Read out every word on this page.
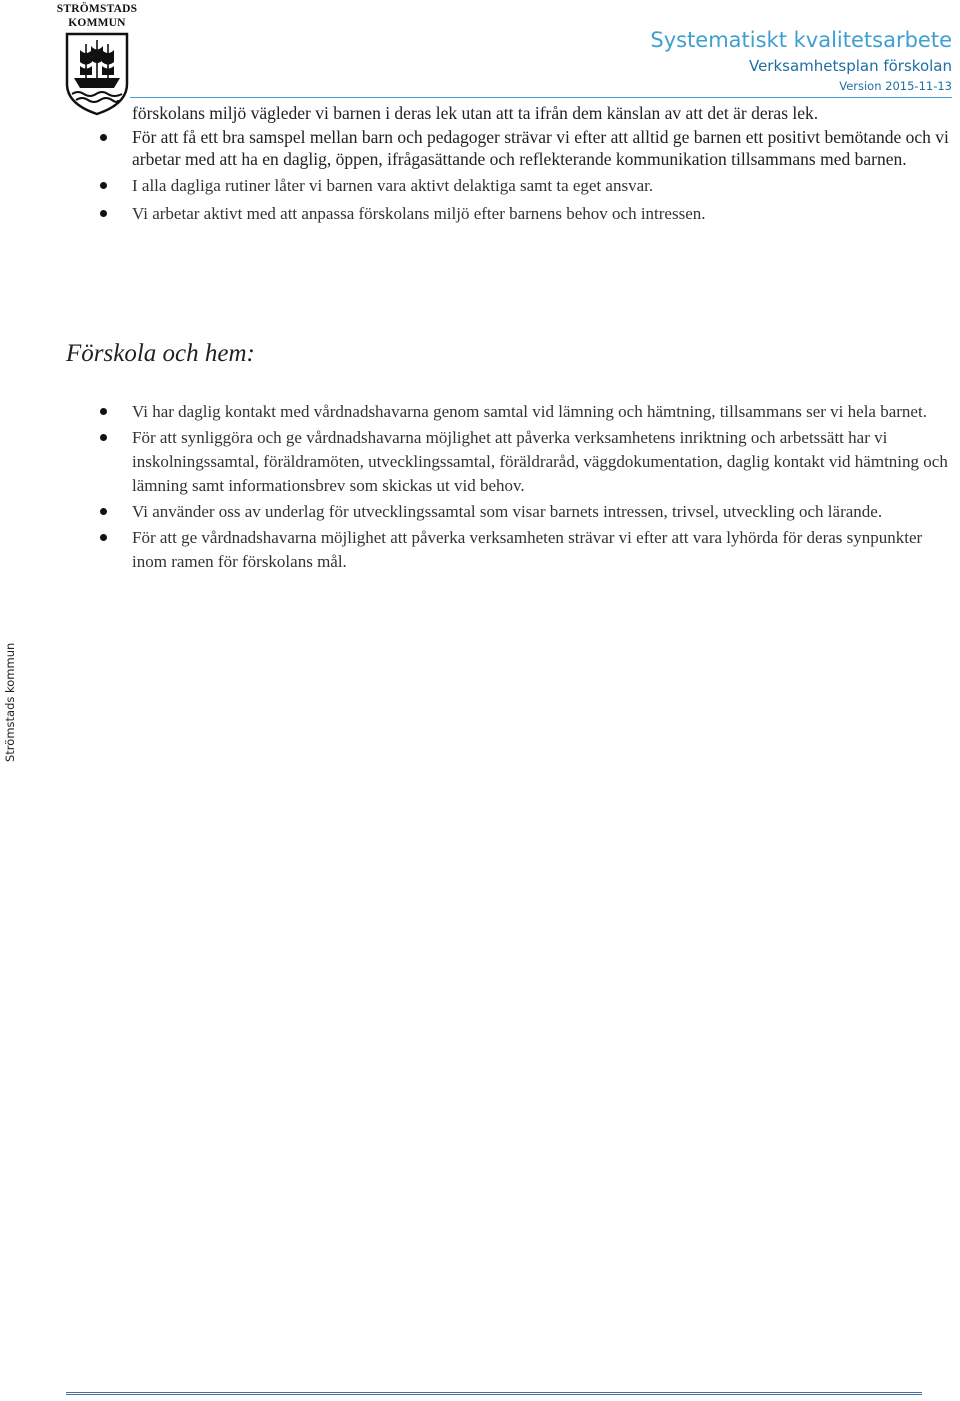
STRÖMSTADS
KOMMUN
Systematiskt kvalitetsarbete
Verksamhetsplan förskolan
Version 2015-11-13
Strömstads kommun
förskolans miljö vägleder vi barnen i deras lek utan att ta ifrån dem känslan av att det är deras lek.
För att få ett bra samspel mellan barn och pedagoger strävar vi efter att alltid ge barnen ett positivt bemötande och vi arbetar med att ha en daglig, öppen, ifrågasättande och reflekterande kommunikation tillsammans med barnen.
I alla dagliga rutiner låter vi barnen vara aktivt delaktiga samt ta eget ansvar.
Vi arbetar aktivt med att anpassa förskolans miljö efter barnens behov och intressen.
Förskola och hem:
Vi har daglig kontakt med vårdnadshavarna genom samtal vid lämning och hämtning, tillsammans ser vi hela barnet.
För att synliggöra och ge vårdnadshavarna möjlighet att påverka verksamhetens inriktning och arbetssätt har vi inskolningssamtal, föräldramöten, utvecklingssamtal, föräldraråd, väggdokumentation, daglig kontakt vid hämtning och lämning samt informationsbrev som skickas ut vid behov.
Vi använder oss av underlag för utvecklingssamtal som visar barnets intressen, trivsel, utveckling och lärande.
För att ge vårdnadshavarna möjlighet att påverka verksamheten strävar vi efter att vara lyhörda för deras synpunkter inom ramen för förskolans mål.
